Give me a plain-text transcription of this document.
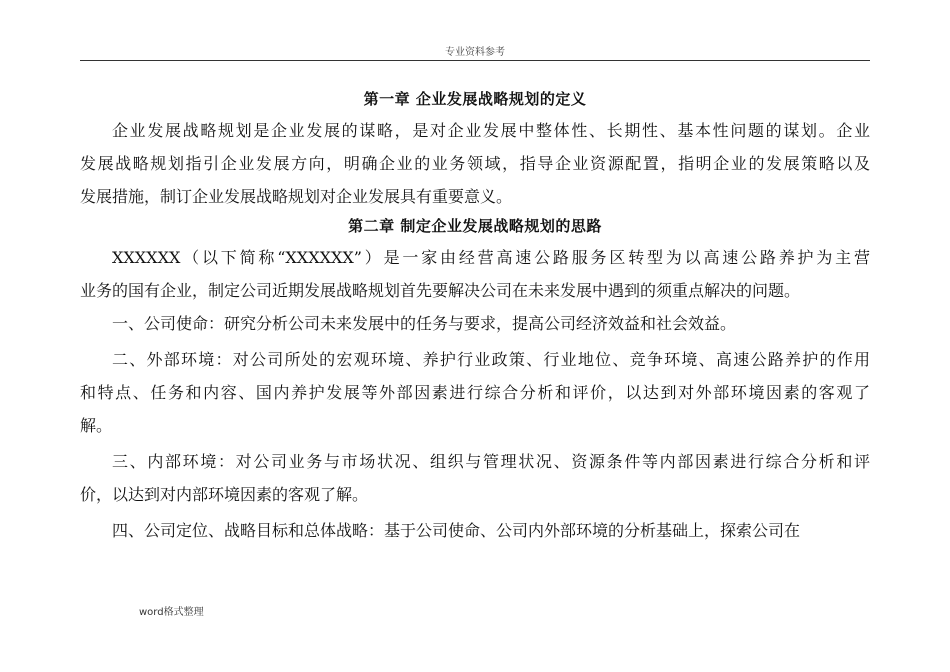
专业资料参考
第一章 企业发展战略规划的定义
企业发展战略规划是企业发展的谋略，是对企业发展中整体性、长期性、基本性问题的谋划。企业
发展战略规划指引企业发展方向，明确企业的业务领域，指导企业资源配置，指明企业的发展策略以及
发展措施，制订企业发展战略规划对企业发展具有重要意义。
第二章 制定企业发展战略规划的思路
XXXXXX（以下简称“XXXXXX”）是一家由经营高速公路服务区转型为以高速公路养护为主营
业务的国有企业，制定公司近期发展战略规划首先要解决公司在未来发展中遇到的须重点解决的问题。
一、公司使命：研究分析公司未来发展中的任务与要求，提高公司经济效益和社会效益。
二、外部环境：对公司所处的宏观环境、养护行业政策、行业地位、竞争环境、高速公路养护的作用
和特点、任务和内容、国内养护发展等外部因素进行综合分析和评价，以达到对外部环境因素的客观了
解。
三、内部环境：对公司业务与市场状况、组织与管理状况、资源条件等内部因素进行综合分析和评
价，以达到对内部环境因素的客观了解。
四、公司定位、战略目标和总体战略：基于公司使命、公司内外部环境的分析基础上，探索公司在
word格式整理
